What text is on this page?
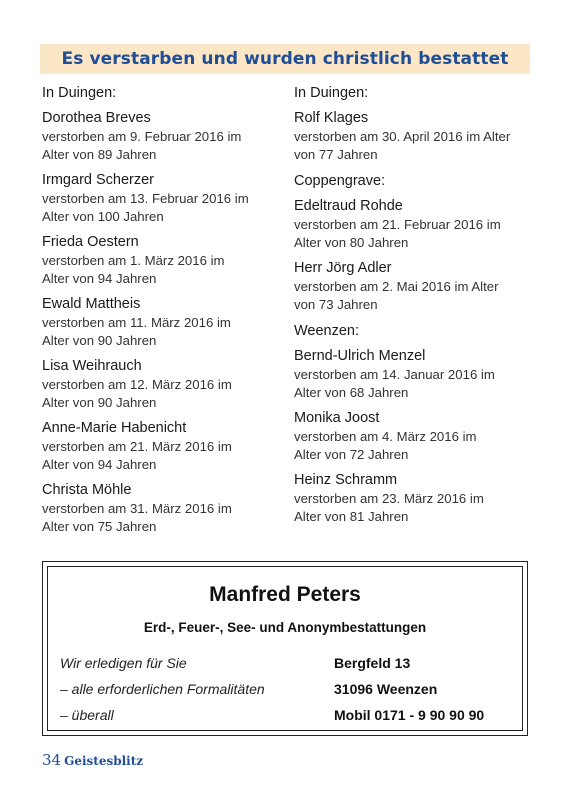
Es verstarben und wurden christlich bestattet
In Duingen:
Dorothea Breves
verstorben am 9. Februar 2016 im
Alter von 89 Jahren
Irmgard Scherzer
verstorben am 13. Februar 2016 im
Alter von 100 Jahren
Frieda Oestern
verstorben am 1. März 2016 im
Alter von 94 Jahren
Ewald Mattheis
verstorben am 11. März 2016 im
Alter von 90 Jahren
Lisa Weihrauch
verstorben am 12. März 2016 im
Alter von 90 Jahren
Anne-Marie Habenicht
verstorben am 21. März 2016 im
Alter von 94 Jahren
Christa Möhle
verstorben am 31. März 2016 im
Alter von 75 Jahren
In Duingen:
Rolf Klages
verstorben am 30. April 2016 im Alter
von 77 Jahren
Coppengrave:
Edeltraud Rohde
verstorben am 21. Februar 2016 im
Alter von 80 Jahren
Herr Jörg Adler
verstorben am 2. Mai 2016 im Alter
von 73 Jahren
Weenzen:
Bernd-Ulrich Menzel
verstorben am 14. Januar 2016 im
Alter von 68 Jahren
Monika Joost
verstorben am 4. März 2016 im
Alter von 72 Jahren
Heinz Schramm
verstorben am 23. März 2016 im
Alter von 81 Jahren
Manfred Peters
Erd-, Feuer-, See- und Anonymbestattungen
Wir erledigen für Sie
– alle erforderlichen Formalitäten
– überall
Bergfeld 13
31096 Weenzen
Mobil 0171 - 9 90 90 90
34 Geistesblitz
